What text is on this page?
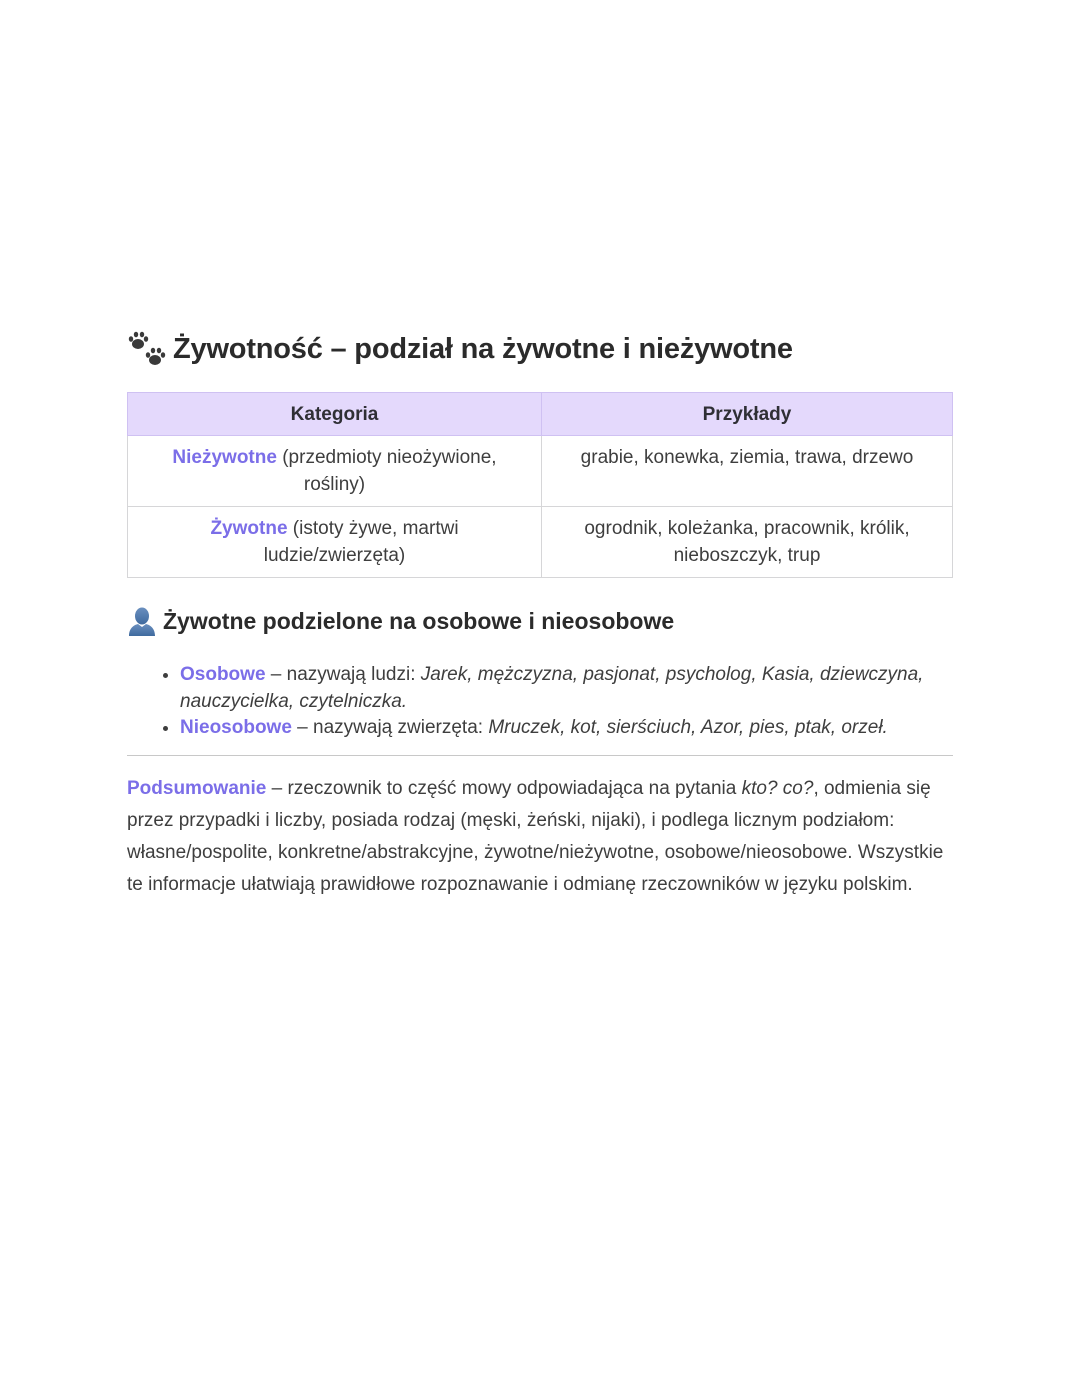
Żywotność – podział na żywotne i nieżywotne
Kategoria	Przykłady
Nieżywotne (przedmioty nieożywione, rośliny)	grabie, konewka, ziemia, trawa, drzewo
Żywotne (istoty żywe, martwi ludzie/zwierzęta)	ogrodnik, koleżanka, pracownik, królik, nieboszczyk, trup
Żywotne podzielone na osobowe i nieosobowe
• Osobowe – nazywają ludzi: Jarek, mężczyzna, pasjonat, psycholog, Kasia, dziewczyna, nauczycielka, czytelniczka.
• Nieosobowe – nazywają zwierzęta: Mruczek, kot, sierściuch, Azor, pies, ptak, orzeł.

Podsumowanie – rzeczownik to część mowy odpowiadająca na pytania kto? co?, odmienia się przez przypadki i liczby, posiada rodzaj (męski, żeński, nijaki), i podlega licznym podziałom: własne/pospolite, konkretne/abstrakcyjne, żywotne/nieżywotne, osobowe/nieosobowe. Wszystkie te informacje ułatwiają prawidłowe rozpoznawanie i odmianę rzeczowników w języku polskim.
